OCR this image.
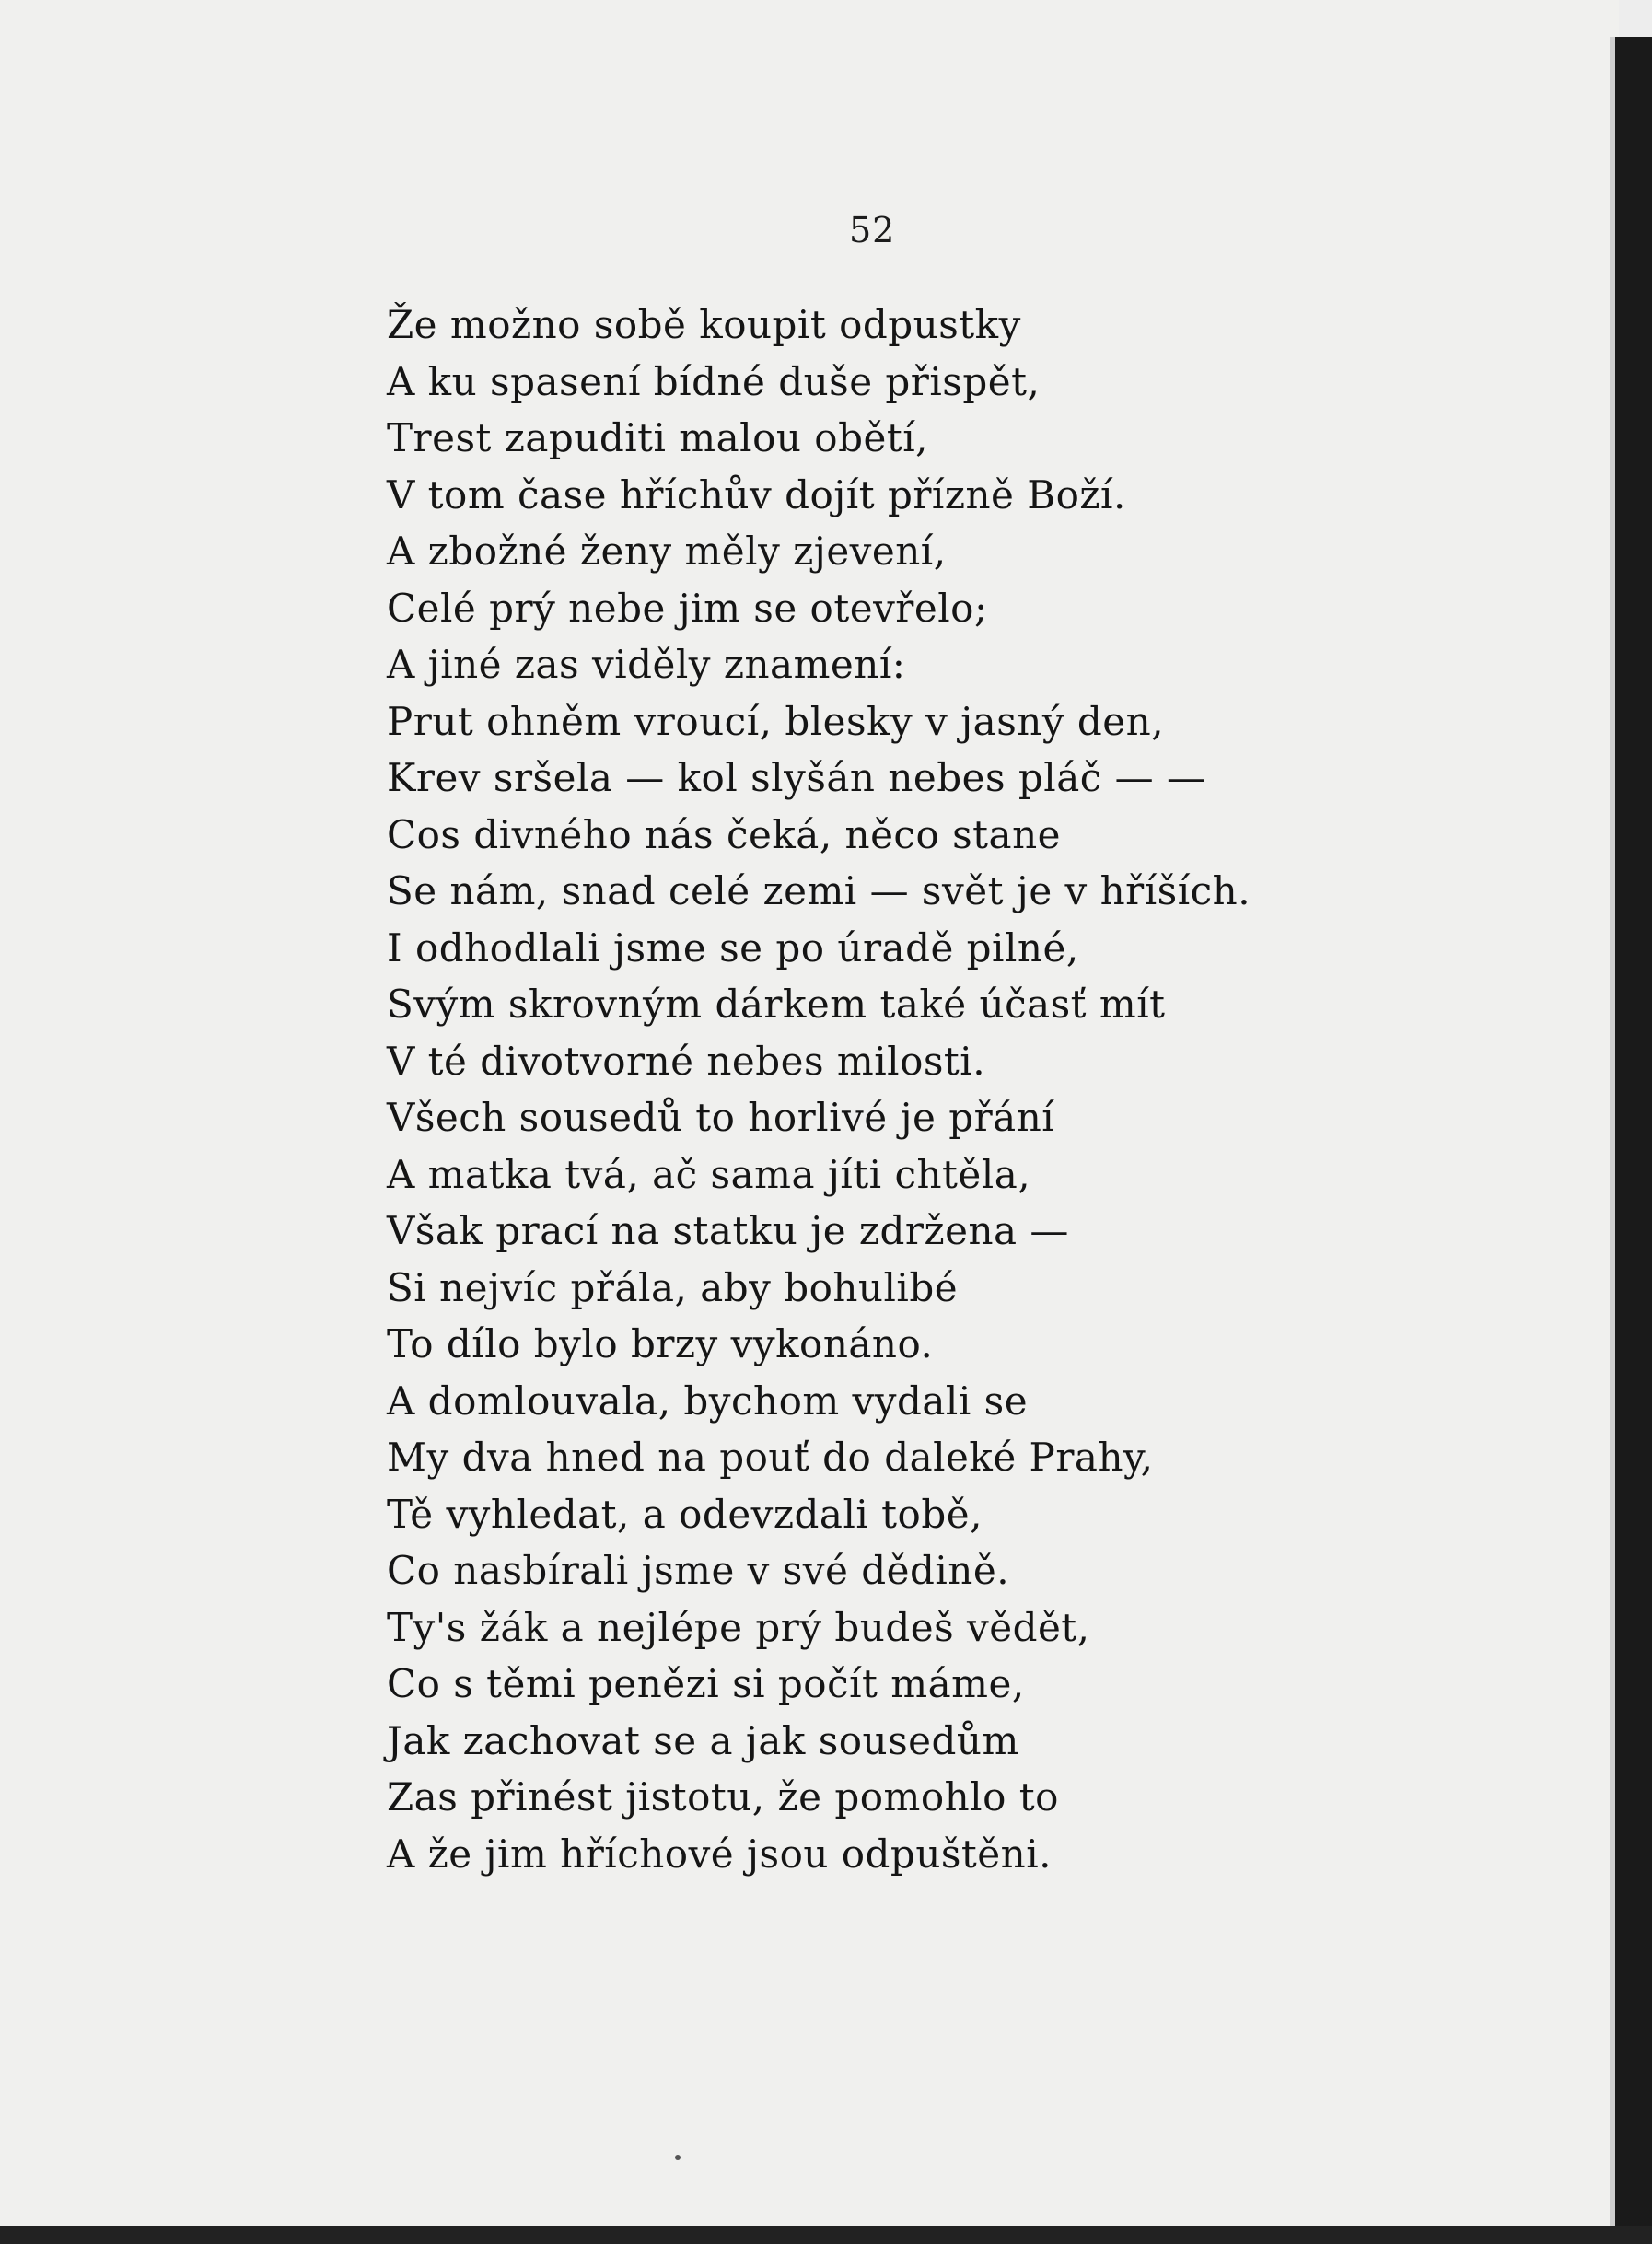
52
Že možno sobě koupit odpustky
A ku spasení bídné duše přispět,
Trest zapuditi malou obětí,
V tom čase hříchův dojít přízně Boží.
A zbožné ženy měly zjevení,
Celé prý nebe jim se otevřelo;
A jiné zas viděly znamení:
Prut ohněm vroucí, blesky v jasný den,
Krev sršela — kol slyšán nebes pláč — —
Cos divného nás čeká, něco stane
Se nám, snad celé zemi — svět je v hříších.
I odhodlali jsme se po úradě pilné,
Svým skrovným dárkem také účasť mít
V té divotvorné nebes milosti.
Všech sousedů to horlivé je přání
A matka tvá, ač sama jíti chtěla,
Však prací na statku je zdržena —
Si nejvíc přála, aby bohulibé
To dílo bylo brzy vykonáno.
A domlouvala, bychom vydali se
My dva hned na pouť do daleké Prahy,
Tě vyhledat, a odevzdali tobě,
Co nasbírali jsme v své dědině.
Ty's žák a nejlépe prý budeš vědět,
Co s těmi penězi si počít máme,
Jak zachovat se a jak sousedům
Zas přinést jistotu, že pomohlo to
A že jim hříchové jsou odpuštěni.
